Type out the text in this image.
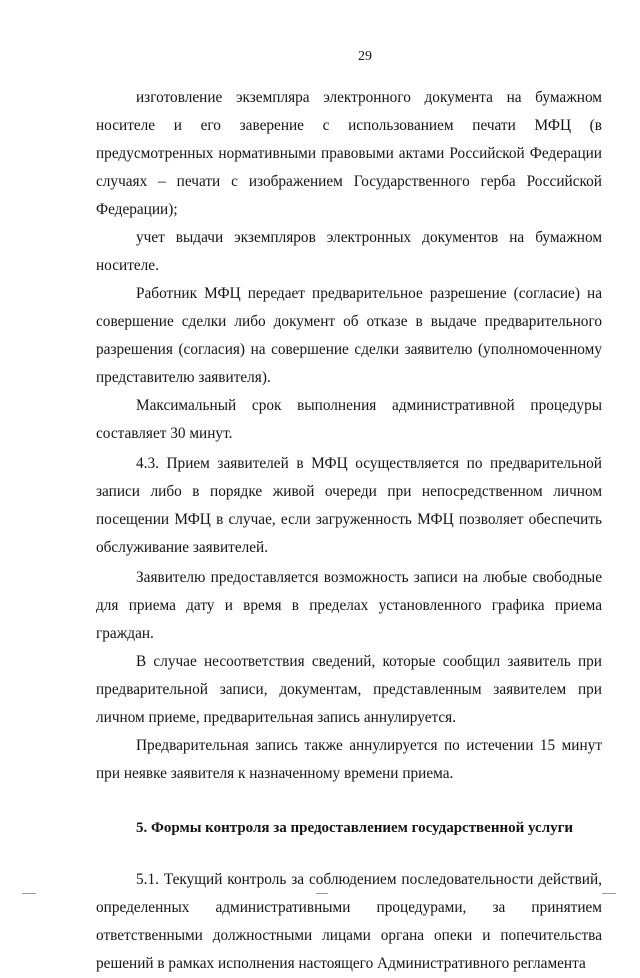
29

изготовление экземпляра электронного документа на бумажном носителе и его заверение с использованием печати МФЦ (в предусмотренных нормативными правовыми актами Российской Федерации случаях – печати с изображением Государственного герба Российской Федерации);

учет выдачи экземпляров электронных документов на бумажном носителе.

Работник МФЦ передает предварительное разрешение (согласие) на совершение сделки либо документ об отказе в выдаче предварительного разрешения (согласия) на совершение сделки заявителю (уполномоченному представителю заявителя).

Максимальный срок выполнения административной процедуры составляет 30 минут.

4.3. Прием заявителей в МФЦ осуществляется по предварительной записи либо в порядке живой очереди при непосредственном личном посещении МФЦ в случае, если загруженность МФЦ позволяет обеспечить обслуживание заявителей.

Заявителю предоставляется возможность записи на любые свободные для приема дату и время в пределах установленного графика приема граждан.

В случае несоответствия сведений, которые сообщил заявитель при предварительной записи, документам, представленным заявителем при личном приеме, предварительная запись аннулируется.

Предварительная запись также аннулируется по истечении 15 минут при неявке заявителя к назначенному времени приема.

5. Формы контроля за предоставлением государственной услуги

5.1. Текущий контроль за соблюдением последовательности действий, определенных административными процедурами, за принятием ответственными должностными лицами органа опеки и попечительства решений в рамках исполнения настоящего Административного регламента
